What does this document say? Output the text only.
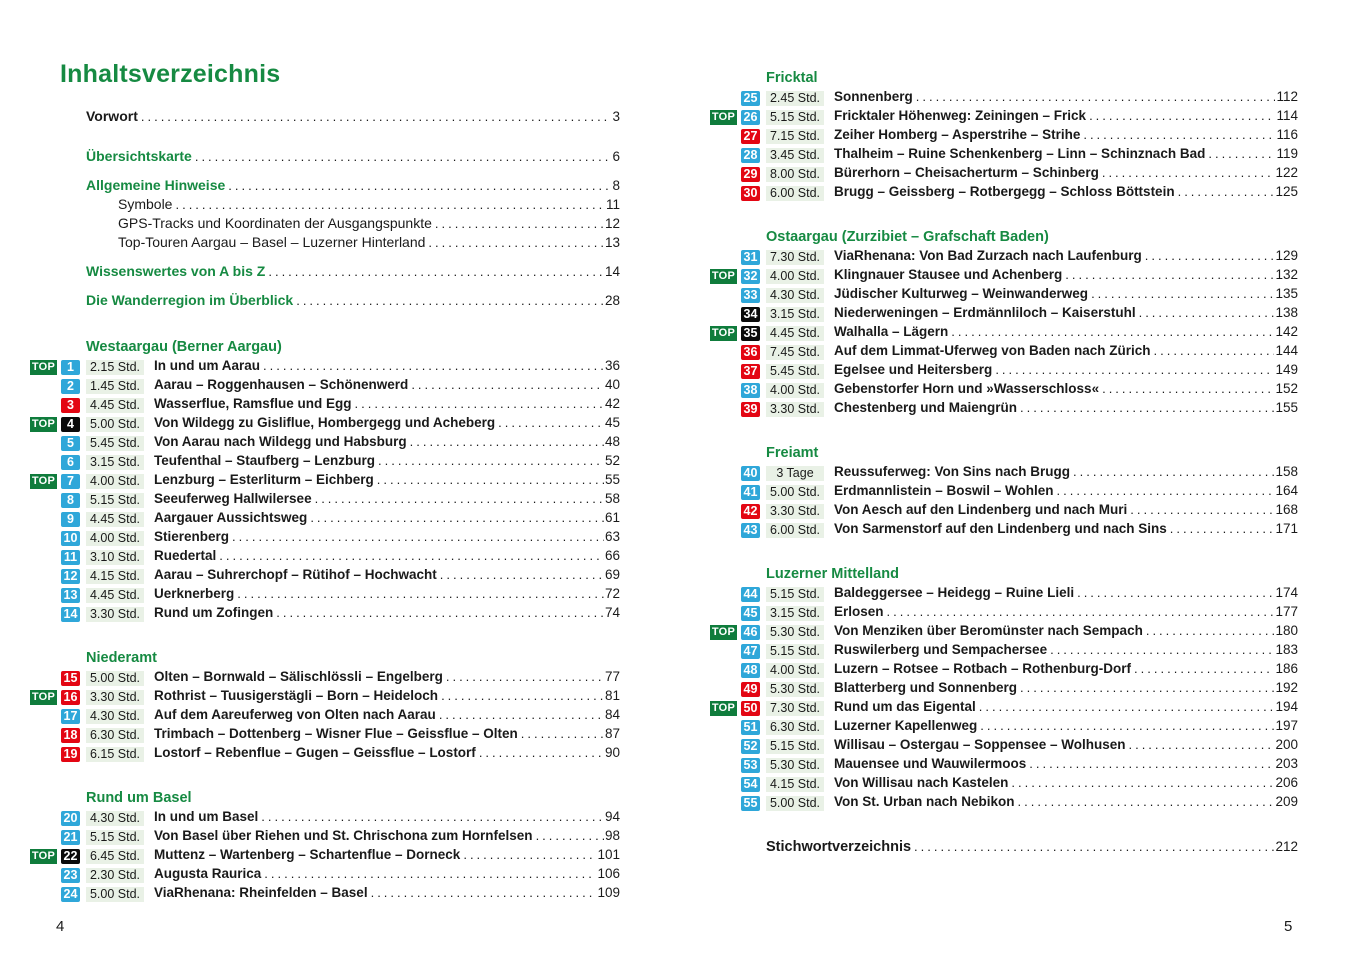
Inhaltsverzeichnis
Vorwort .....	3
Übersichtskarte .....	6
Allgemeine Hinweise .....	8
Symbole .....	11
GPS-Tracks und Koordinaten der Ausgangspunkte .....	12
Top-Touren Aargau – Basel – Luzerner Hinterland .....	13
Wissenswertes von A bis Z .....	14
Die Wanderregion im Überblick .....	28
Westaargau (Berner Aargau)
TOP 1	2.15 Std. In und um Aarau .....	36
2	1.45 Std. Aarau – Roggenhausen – Schönenwerd .....	40
3	4.45 Std. Wasserflue, Ramsflue und Egg .....	42
TOP 4	5.00 Std. Von Wildegg zu Gisliflue, Hombergegg und Acheberg .....	45
5	5.45 Std. Von Aarau nach Wildegg und Habsburg .....	48
6	3.15 Std. Teufenthal – Staufberg – Lenzburg .....	52
TOP 7	4.00 Std. Lenzburg – Esterliturm – Eichberg .....	55
8	5.15 Std. Seeuferweg Hallwilersee .....	58
9	4.45 Std. Aargauer Aussichtsweg .....	61
10	4.00 Std. Stierenberg .....	63
11	3.10 Std. Ruedertal .....	66
12	4.15 Std. Aarau – Suhrerchopf – Rütihof – Hochwacht .....	69
13	4.45 Std. Uerknerberg .....	72
14	3.30 Std. Rund um Zofingen .....	74
Niederamt
15	5.00 Std. Olten – Bornwald – Sälischlössli – Engelberg .....	77
TOP 16	3.30 Std. Rothrist – Tuusigerstägli – Born – Heideloch .....	81
17	4.30 Std. Auf dem Aareuferweg von Olten nach Aarau .....	84
18	6.30 Std. Trimbach – Dottenberg – Wisner Flue – Geissflue – Olten .....	87
19	6.15 Std. Lostorf – Rebenflue – Gugen – Geissflue – Lostorf .....	90
Rund um Basel
20	4.30 Std. In und um Basel .....	94
21	5.15 Std. Von Basel über Riehen und St. Chrischona zum Hornfelsen .....	98
TOP 22	6.45 Std. Muttenz – Wartenberg – Schartenflue – Dorneck .....	101
23	2.30 Std. Augusta Raurica .....	106
24	5.00 Std. ViaRhenana: Rheinfelden – Basel .....	109
Fricktal
25	2.45 Std. Sonnenberg .....	112
TOP 26	5.15 Std. Fricktaler Höhenweg: Zeiningen – Frick .....	114
27	7.15 Std. Zeiher Homberg – Asperstrihe – Strihe .....	116
28	3.45 Std. Thalheim – Ruine Schenkenberg – Linn – Schinznach Bad .....	119
29	8.00 Std. Bürerhorn – Cheisacherturm – Schinberg .....	122
30	6.00 Std. Brugg – Geissberg – Rotbergegg – Schloss Böttstein .....	125
Ostaargau (Zurzibiet – Grafschaft Baden)
31	7.30 Std. ViaRhenana: Von Bad Zurzach nach Laufenburg .....	129
TOP 32	4.00 Std. Klingnauer Stausee und Achenberg .....	132
33	4.30 Std. Jüdischer Kulturweg – Weinwanderweg .....	135
34	3.15 Std. Niederweningen – Erdmännliloch – Kaiserstuhl .....	138
TOP 35	4.45 Std. Walhalla – Lägern .....	142
36	7.45 Std. Auf dem Limmat-Uferweg von Baden nach Zürich .....	144
37	5.45 Std. Egelsee und Heitersberg .....	149
38	4.00 Std. Gebenstorfer Horn und »Wasserschloss« .....	152
39	3.30 Std. Chestenberg und Maiengrün .....	155
Freiamt
40	3 Tage	Reussuferweg: Von Sins nach Brugg .....	158
41	5.00 Std. Erdmannlistein – Boswil – Wohlen .....	164
42	3.30 Std. Von Aesch auf den Lindenberg und nach Muri .....	168
43	6.00 Std. Von Sarmenstorf auf den Lindenberg und nach Sins .....	171
Luzerner Mittelland
44	5.15 Std. Baldeggersee – Heidegg – Ruine Lieli .....	174
45	3.15 Std. Erlosen .....	177
TOP 46	5.30 Std. Von Menziken über Beromünster nach Sempach .....	180
47	5.15 Std. Ruswilerberg und Sempachersee .....	183
48	4.00 Std. Luzern – Rotsee – Rotbach – Rothenburg-Dorf .....	186
49	5.30 Std. Blatterberg und Sonnenberg .....	192
TOP 50	7.30 Std. Rund um das Eigental .....	194
51	6.30 Std. Luzerner Kapellenweg .....	197
52	5.15 Std. Willisau – Ostergau – Soppensee – Wolhusen .....	200
53	5.30 Std. Mauensee und Wauwilermoos .....	203
54	4.15 Std. Von Willisau nach Kastelen .....	206
55	5.00 Std. Von St. Urban nach Nebikon .....	209
Stichwortverzeichnis .....	212
4	5
